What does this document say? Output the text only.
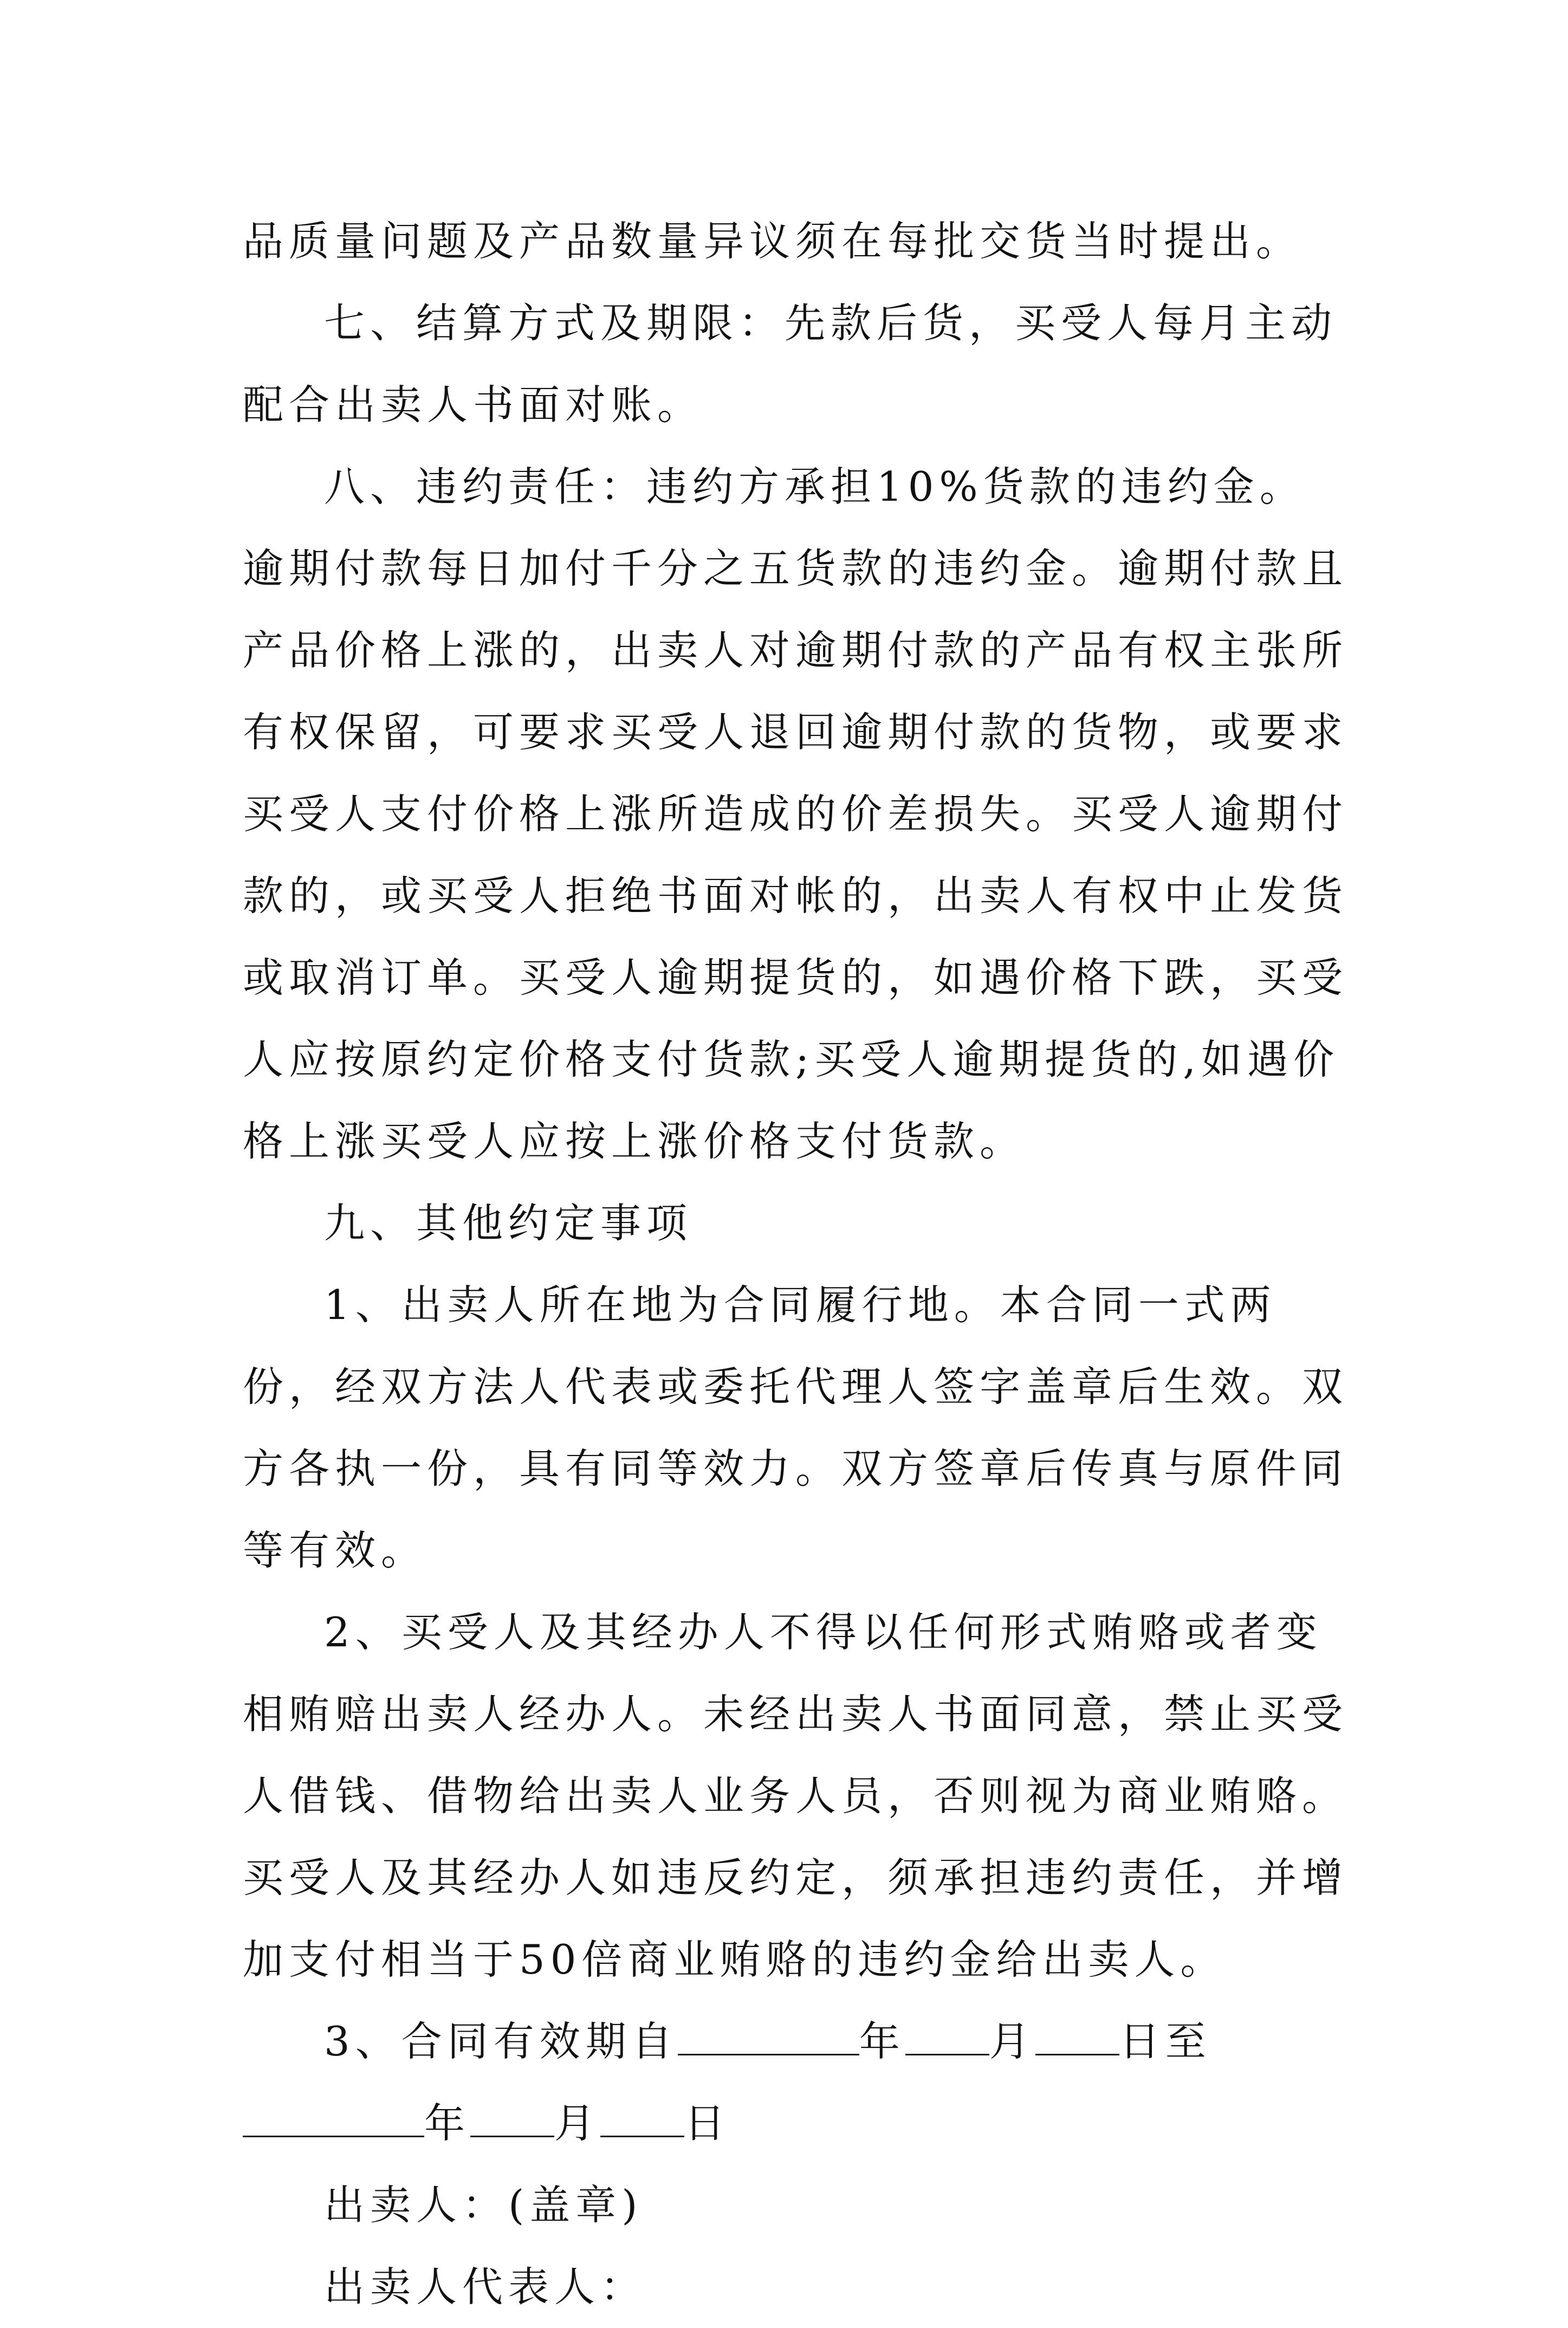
品质量问题及产品数量异议须在每批交货当时提出。

七、结算方式及期限：先款后货，买受人每月主动配合出卖人书面对账。

八、违约责任：违约方承担10%货款的违约金。逾期付款每日加付千分之五货款的违约金。逾期付款且产品价格上涨的，出卖人对逾期付款的产品有权主张所有权保留，可要求买受人退回逾期付款的货物，或要求买受人支付价格上涨所造成的价差损失。买受人逾期付款的，或买受人拒绝书面对帐的，出卖人有权中止发货或取消订单。买受人逾期提货的，如遇价格下跌，买受人应按原约定价格支付货款;买受人逾期提货的,如遇价格上涨买受人应按上涨价格支付货款。

九、其他约定事项

1、出卖人所在地为合同履行地。本合同一式两份，经双方法人代表或委托代理人签字盖章后生效。双方各执一份，具有同等效力。双方签章后传真与原件同等有效。

2、买受人及其经办人不得以任何形式贿赂或者变相贿赔出卖人经办人。未经出卖人书面同意，禁止买受人借钱、借物给出卖人业务人员，否则视为商业贿赂。买受人及其经办人如违反约定，须承担违约责任，并增加支付相当于50倍商业贿赂的违约金给出卖人。

3、合同有效期自	年 月 日至年 月 日

出卖人：(盖章)

出卖人代表人：
